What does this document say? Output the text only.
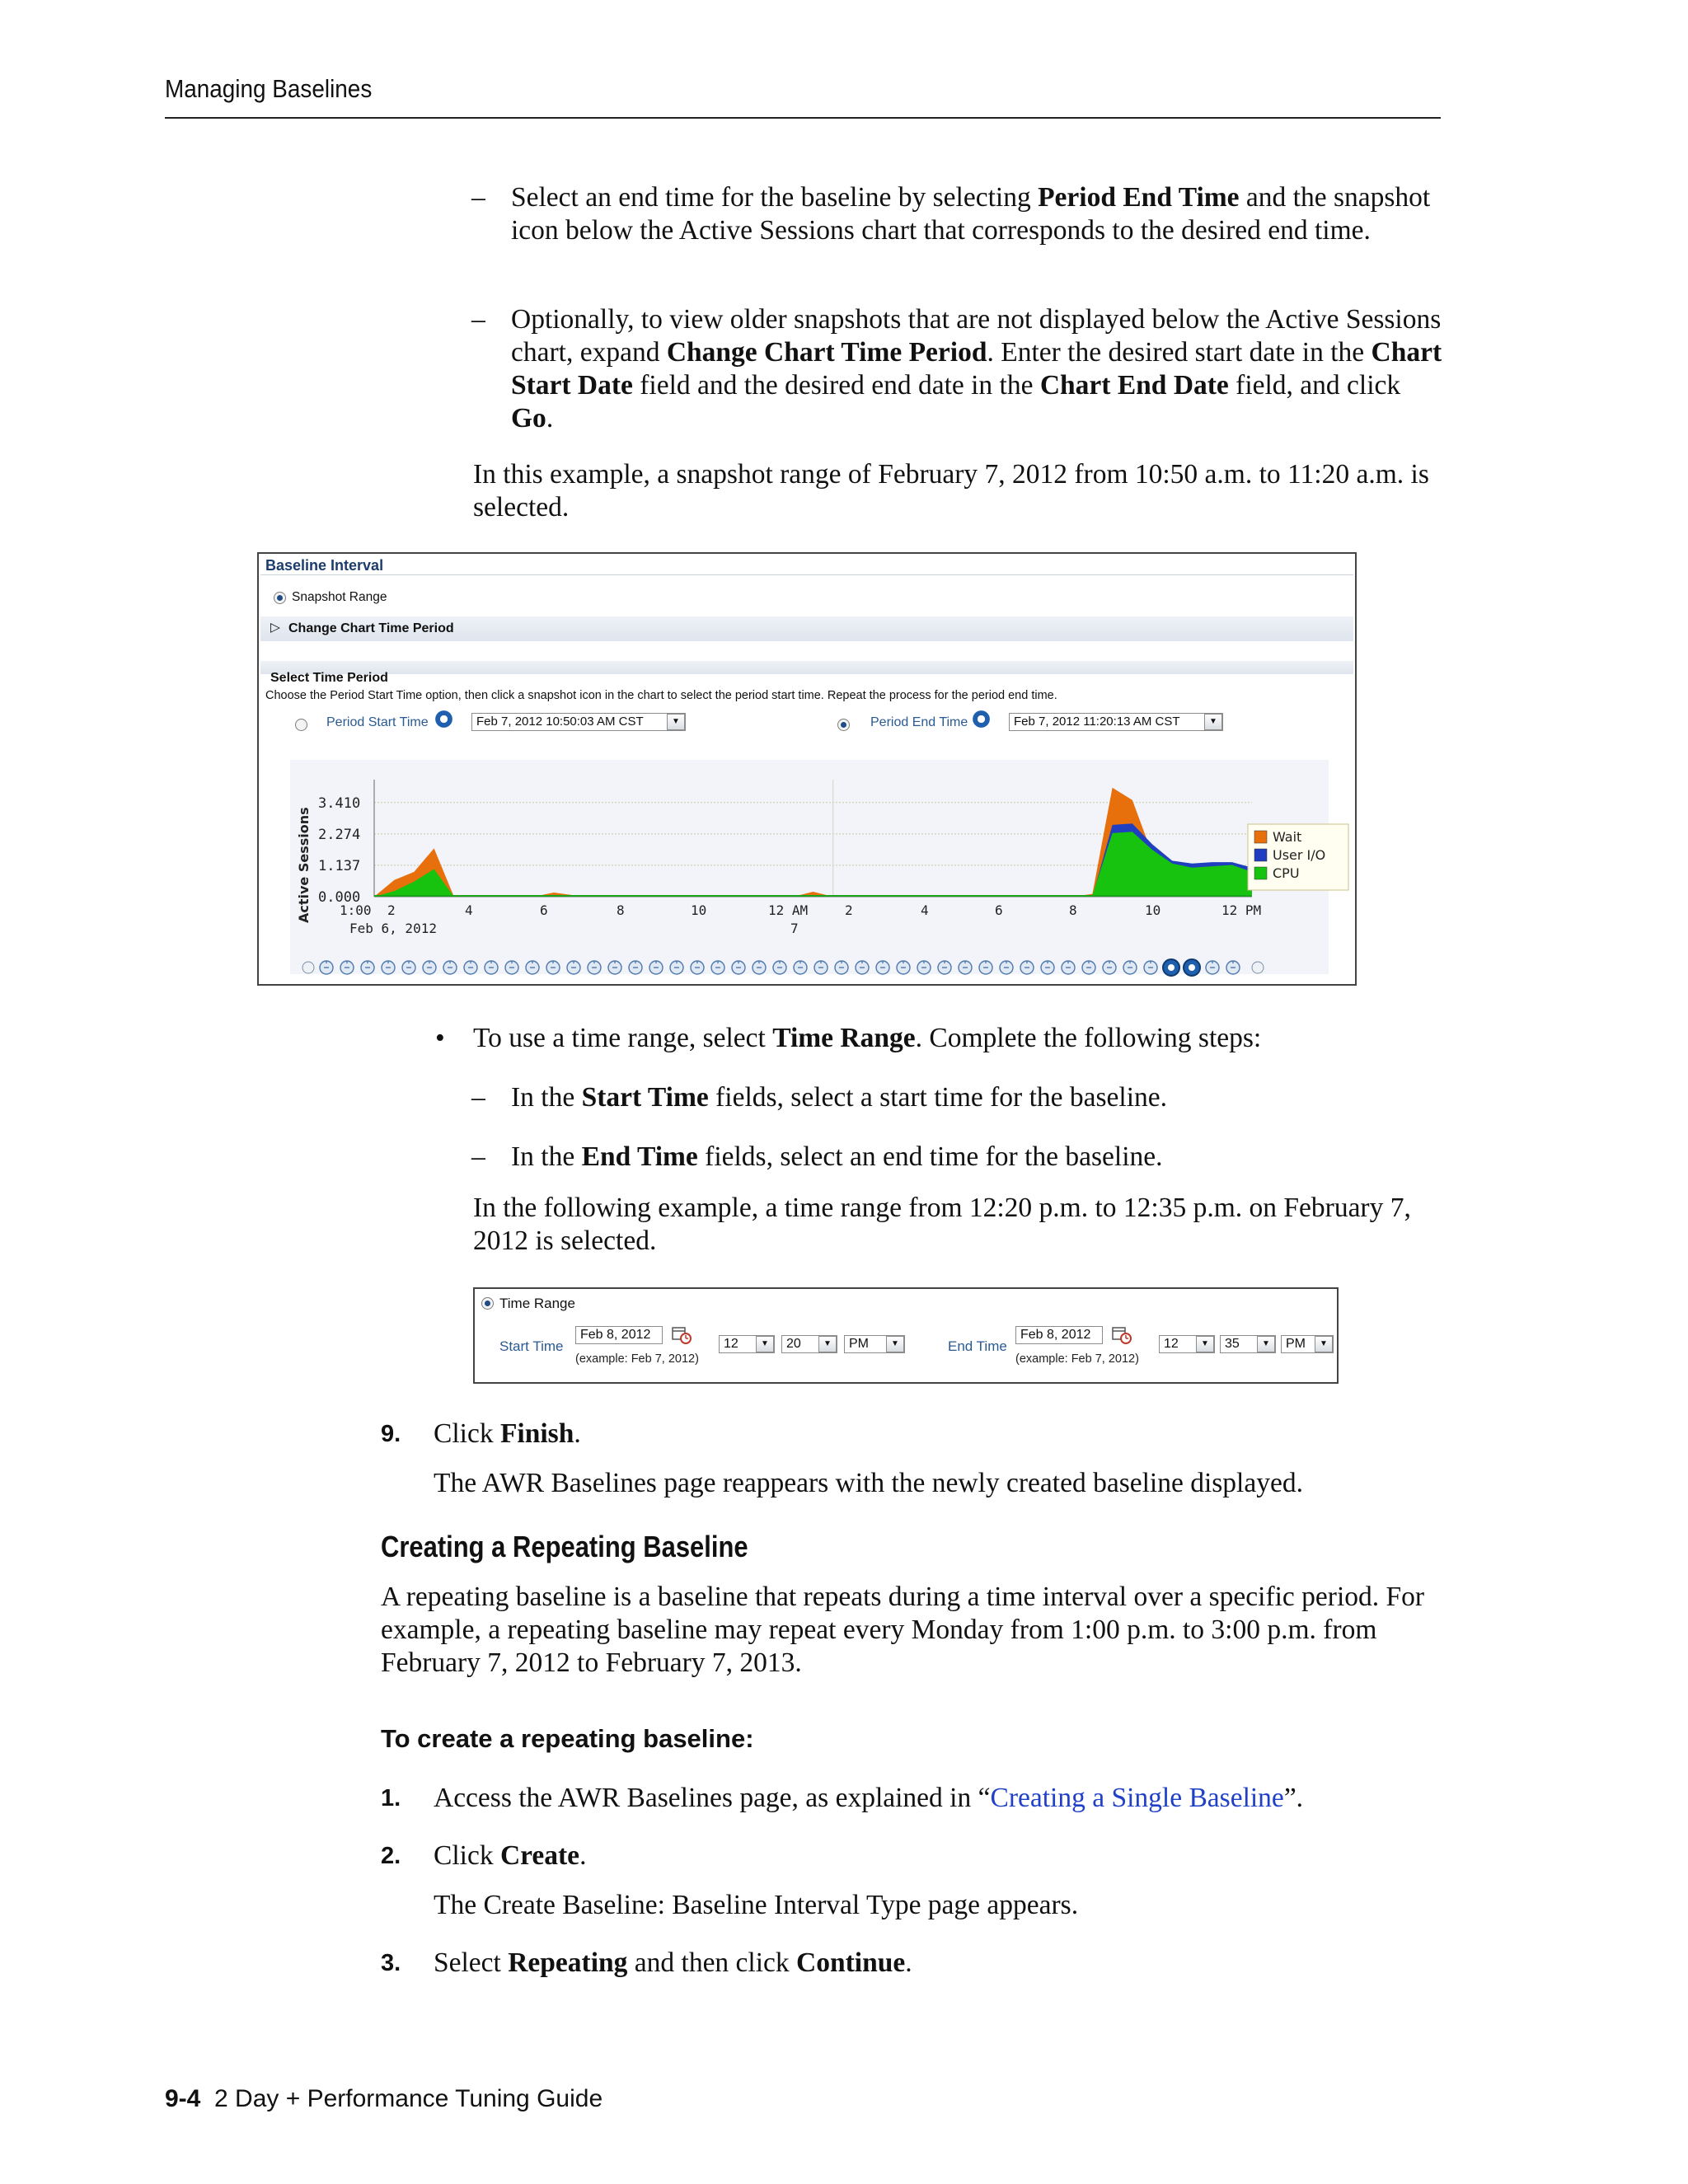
Managing Baselines
– Select an end time for the baseline by selecting Period End Time and the snapshot icon below the Active Sessions chart that corresponds to the desired end time.
– Optionally, to view older snapshots that are not displayed below the Active Sessions chart, expand Change Chart Time Period. Enter the desired start date in the Chart Start Date field and the desired end date in the Chart End Date field, and click Go.
In this example, a snapshot range of February 7, 2012 from 10:50 a.m. to 11:20 a.m. is selected.
Baseline Interval
Snapshot Range
▷ Change Chart Time Period
Select Time Period
Choose the Period Start Time option, then click a snapshot icon in the chart to select the period start time. Repeat the process for the period end time.
Period Start Time	Feb 7, 2012 10:50:03 AM CST	▼	Period End Time	Feb 7, 2012 11:20:13 AM CST	▼
3.410
2.274
1.137
0.000
Active Sessions 1:00 2	4	6	8	10	12 AM	2	4	6	8	10	12 PM
Feb 6, 2012	7
Wait
User I/O
CPU
• To use a time range, select Time Range. Complete the following steps:
– In the Start Time fields, select a start time for the baseline.
– In the End Time fields, select an end time for the baseline.
In the following example, a time range from 12:20 p.m. to 12:35 p.m. on February 7, 2012 is selected.
Time Range
Start Time
Feb 8, 2012
(example: Feb 7, 2012)
12	▼	20	▼	PM	▼	End Time
Feb 8, 2012
(example: Feb 7, 2012)
12	▼	35	▼	PM	▼
9. Click Finish.
The AWR Baselines page reappears with the newly created baseline displayed.
Creating a Repeating Baseline
A repeating baseline is a baseline that repeats during a time interval over a specific period. For example, a repeating baseline may repeat every Monday from 1:00 p.m. to 3:00 p.m. from February 7, 2012 to February 7, 2013.
To create a repeating baseline:
1. Access the AWR Baselines page, as explained in “Creating a Single Baseline”.
2. Click Create.
The Create Baseline: Baseline Interval Type page appears.
3. Select Repeating and then click Continue.
9-4 2 Day + Performance Tuning Guide
